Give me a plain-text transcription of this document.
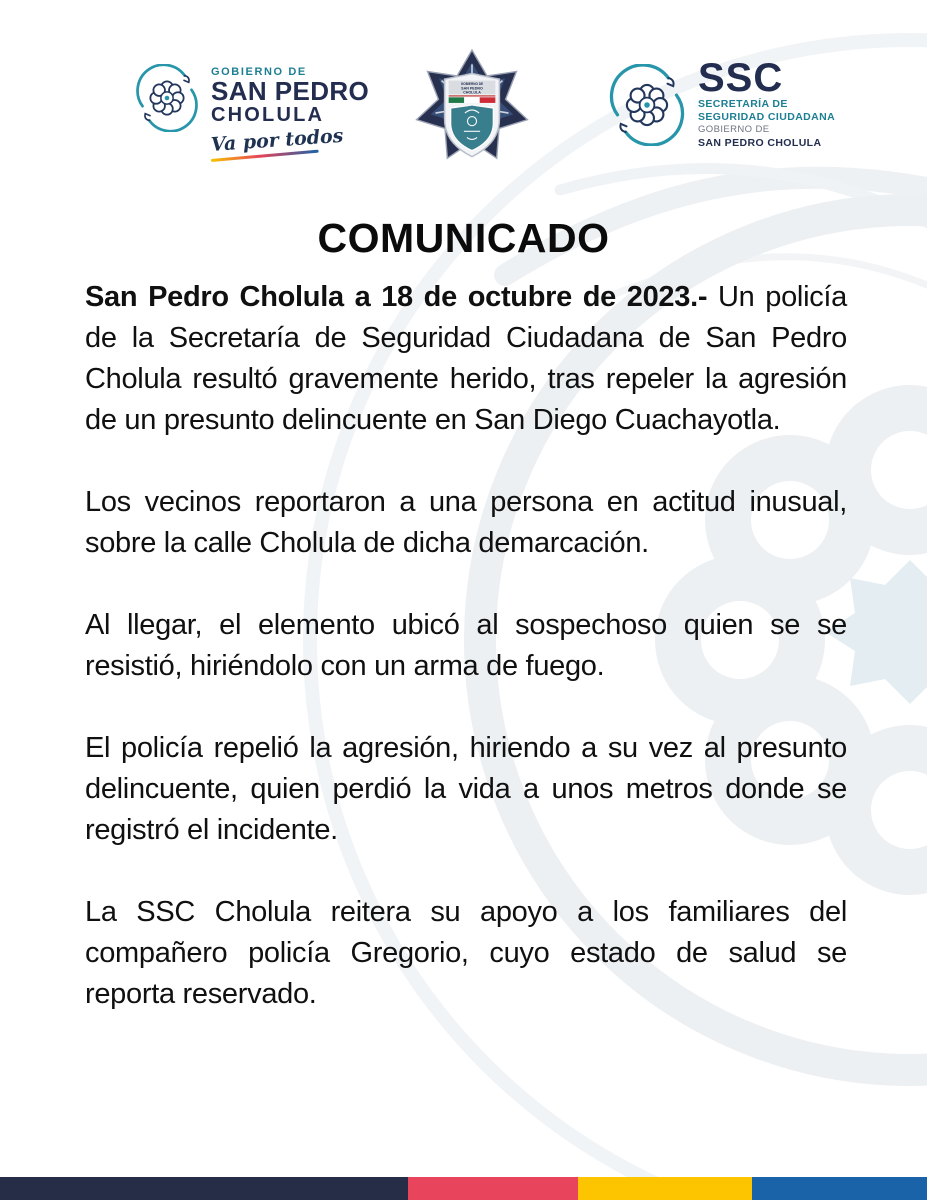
GOBIERNO DE
SAN PEDRO
CHOLULA
Va por todos
GOBIERNO DE
SAN PEDRO
CHOLULA	SSC
SECRETARÍA DE
SEGURIDAD CIUDADANA
GOBIERNO DE
SAN PEDRO CHOLULA
COMUNICADO

San Pedro Cholula a 18 de octubre de 2023.- Un policía de la Secretaría de Seguridad Ciudadana de San Pedro Cholula resultó gravemente herido, tras repeler la agresión de un presunto delincuente en San Diego Cuachayotla.

Los vecinos reportaron a una persona en actitud inusual, sobre la calle Cholula de dicha demarcación.

Al llegar, el elemento ubicó al sospechoso quien se se resistió, hiriéndolo con un arma de fuego.

El policía repelió la agresión, hiriendo a su vez al presunto delincuente, quien perdió la vida a unos metros donde se registró el incidente.

La SSC Cholula reitera su apoyo a los familiares del compañero policía Gregorio, cuyo estado de salud se reporta reservado.
